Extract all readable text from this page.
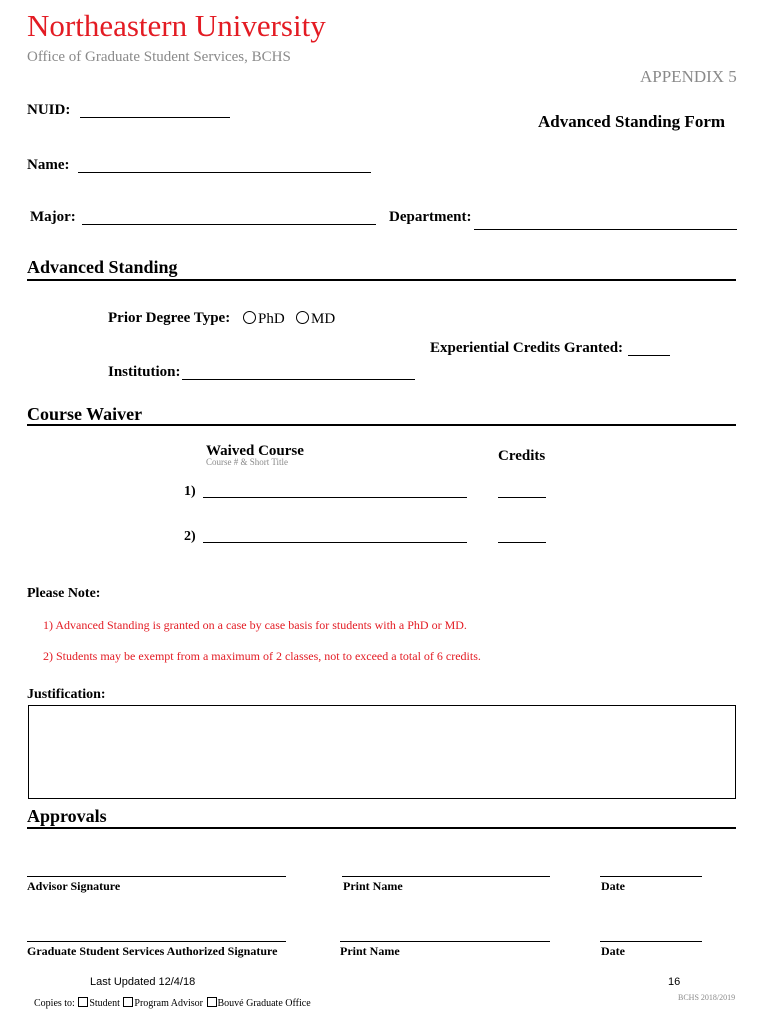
Northeastern University
Office of Graduate Student Services, BCHS
APPENDIX 5
NUID:
Advanced Standing Form
Name:
Major:	Department:
Advanced Standing
Prior Degree Type:	PhD	MD
Experiential Credits Granted:
Institution:
Course Waiver
Waived Course
Course # & Short Title	Credits
1)
2)
Please Note:
1) Advanced Standing is granted on a case by case basis for students with a PhD or MD.
2) Students may be exempt from a maximum of 2 classes, not to exceed a total of 6 credits.
Justification:
Approvals
Advisor Signature	Print Name	Date
Graduate Student Services Authorized Signature	Print Name	Date
Last Updated 12/4/18	16
Copies to: Student Program Advisor Bouvé Graduate Office
BCHS 2018/2019
